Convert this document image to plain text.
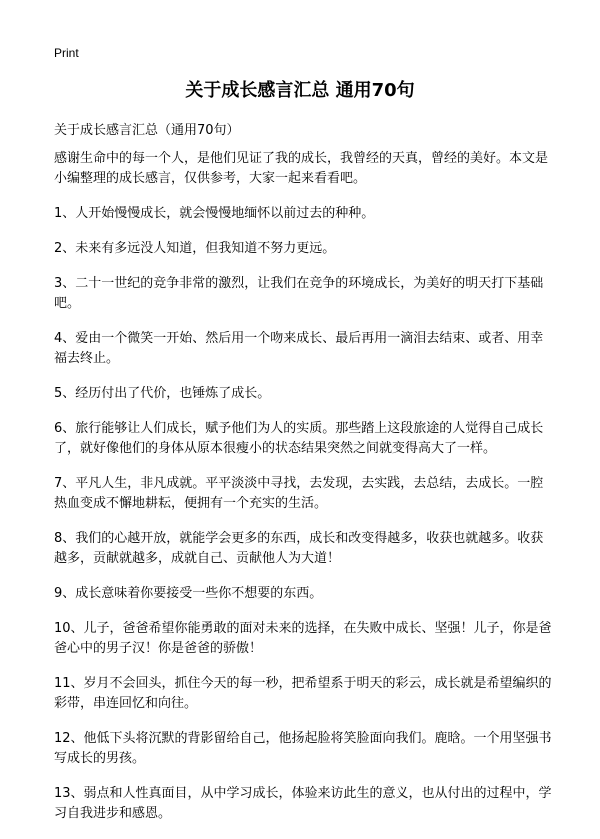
Print
关于成长感言汇总 通用70句
关于成长感言汇总（通用70句）

感谢生命中的每一个人，是他们见证了我的成长，我曾经的天真，曾经的美好。本文是小编整理的成长感言，仅供参考，大家一起来看看吧。

1、人开始慢慢成长，就会慢慢地缅怀以前过去的种种。

2、未来有多远没人知道，但我知道不努力更远。

3、二十一世纪的竞争非常的激烈，让我们在竞争的环境成长，为美好的明天打下基础吧。

4、爱由一个微笑一开始、然后用一个吻来成长、最后再用一滴泪去结束、或者、用幸福去终止。

5、经历付出了代价，也锤炼了成长。

6、旅行能够让人们成长，赋予他们为人的实质。那些踏上这段旅途的人觉得自己成长了，就好像他们的身体从原本很瘦小的状态结果突然之间就变得高大了一样。

7、平凡人生，非凡成就。平平淡淡中寻找，去发现，去实践，去总结，去成长。一腔热血变成不懈地耕耘，便拥有一个充实的生活。

8、我们的心越开放，就能学会更多的东西，成长和改变得越多，收获也就越多。收获越多，贡献就越多，成就自己、贡献他人为大道！

9、成长意味着你要接受一些你不想要的东西。

10、儿子，爸爸希望你能勇敢的面对未来的选择，在失败中成长、坚强！儿子，你是爸爸心中的男子汉！你是爸爸的骄傲！

11、岁月不会回头，抓住今天的每一秒，把希望系于明天的彩云，成长就是希望编织的彩带，串连回忆和向往。

12、他低下头将沉默的背影留给自己，他扬起脸将笑脸面向我们。鹿晗。一个用坚强书写成长的男孩。

13、弱点和人性真面目，从中学习成长，体验来访此生的意义，也从付出的过程中，学习自我进步和感恩。
